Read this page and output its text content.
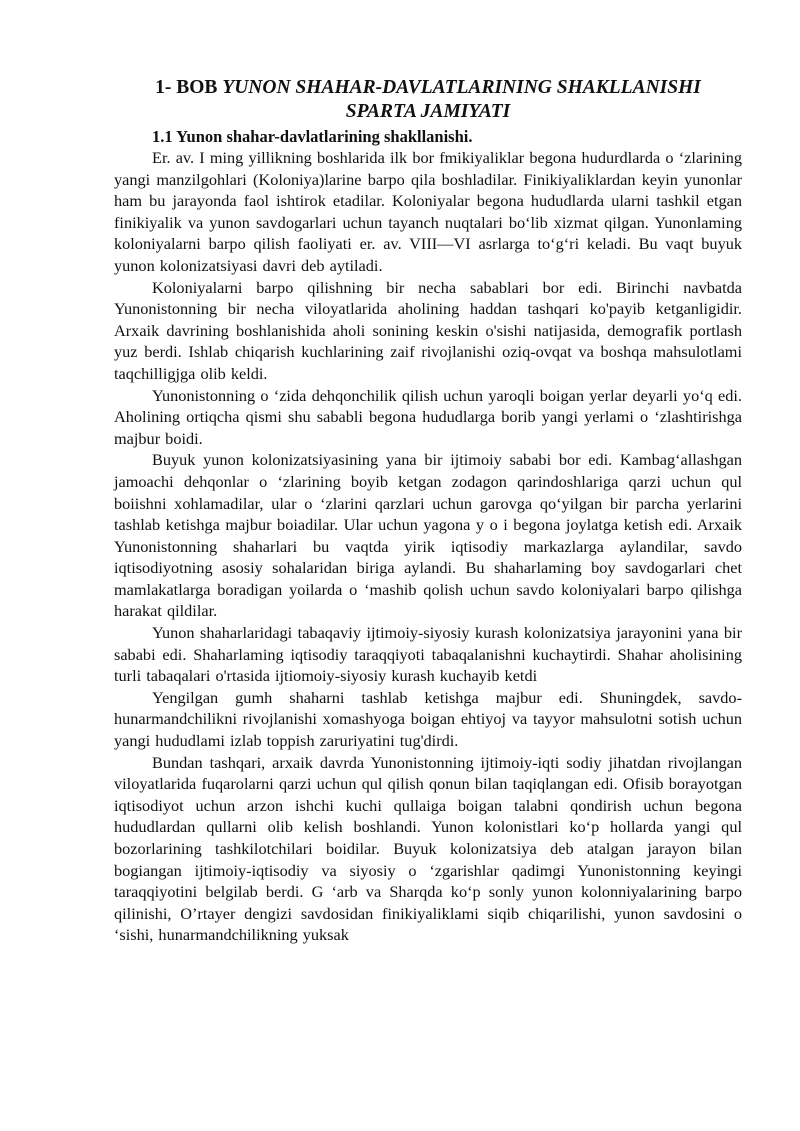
1- BOB YUNON SHAHAR-DAVLATLARINING SHAKLLANISHI
SPARTA JAMIYATI

1.1 Yunon shahar-davlatlarining shakllanishi.

Er. av. I ming yillikning boshlarida ilk bor fmikiyaliklar begona hudurdlarda o ‘zlarining yangi manzilgohlari (Koloniya)larine barpo qila boshladilar. Finikiyaliklardan keyin yunonlar ham bu jarayonda faol ishtirok etadilar. Koloniyalar begona hududlarda ularni tashkil etgan finikiyalik va yunon savdogarlari uchun tayanch nuqtalari bo‘lib xizmat qilgan. Yunonlaming koloniyalarni barpo qilish faoliyati er. av. VIII—VI asrlarga to‘g‘ri keladi. Bu vaqt buyuk yunon kolonizatsiyasi davri deb aytiladi.

Koloniyalarni barpo qilishning bir necha sabablari bor edi. Birinchi navbatda Yunonistonning bir necha viloyatlarida aholining haddan tashqari ko'payib ketganligidir. Arxaik davrining boshlanishida aholi sonining keskin o'sishi natijasida, demografik portlash yuz berdi. Ishlab chiqarish kuchlarining zaif rivojlanishi oziq-ovqat va boshqa mahsulotlami taqchilligjga olib keldi.

Yunonistonning o ‘zida dehqonchilik qilish uchun yaroqli boigan yerlar deyarli yo‘q edi. Aholining ortiqcha qismi shu sababli begona hududlarga borib yangi yerlami o ‘zlashtirishga majbur boidi.

Buyuk yunon kolonizatsiyasining yana bir ijtimoiy sababi bor edi. Kambag‘allashgan jamoachi dehqonlar o ‘zlarining boyib ketgan zodagon qarindoshlariga qarzi uchun qul boiishni xohlamadilar, ular o ‘zlarini qarzlari uchun garovga qo‘yilgan bir parcha yerlarini tashlab ketishga majbur boiadilar. Ular uchun yagona y o i begona joylatga ketish edi. Arxaik Yunonistonning shaharlari bu vaqtda yirik iqtisodiy markazlarga aylandilar, savdo iqtisodiyotning asosiy sohalaridan biriga aylandi. Bu shaharlaming boy savdogarlari chet mamlakatlarga boradigan yoilarda o ‘mashib qolish uchun savdo koloniyalari barpo qilishga harakat qildilar.

Yunon shaharlaridagi tabaqaviy ijtimoiy-siyosiy kurash kolonizatsiya jarayonini yana bir sababi edi. Shaharlaming iqtisodiy taraqqiyoti tabaqalanishni kuchaytirdi. Shahar aholisining turli tabaqalari o'rtasida ijtiomoiy-siyosiy kurash kuchayib ketdi

Yengilgan gumh shaharni tashlab ketishga majbur edi. Shuningdek, savdo-hunarmandchilikni rivojlanishi xomashyoga boigan ehtiyoj va tayyor mahsulotni sotish uchun yangi hududlami izlab toppish zaruriyatini tug'dirdi.

Bundan tashqari, arxaik davrda Yunonistonning ijtimoiy-iqti sodiy jihatdan rivojlangan viloyatlarida fuqarolarni qarzi uchun qul qilish qonun bilan taqiqlangan edi. Ofisib borayotgan iqtisodiyot uchun arzon ishchi kuchi qullaiga boigan talabni qondirish uchun begona hududlardan qullarni olib kelish boshlandi. Yunon kolonistlari ko‘p hollarda yangi qul bozorlarining tashkilotchilari boidilar. Buyuk kolonizatsiya deb atalgan jarayon bilan bogiangan ijtimoiy-iqtisodiy va siyosiy o ‘zgarishlar qadimgi Yunonistonning keyingi taraqqiyotini belgilab berdi. G ‘arb va Sharqda ko‘p sonly yunon kolonniyalarining barpo qilinishi, O’rtayer dengizi savdosidan finikiyaliklami siqib chiqarilishi, yunon savdosini o ‘sishi, hunarmandchilikning yuksak
